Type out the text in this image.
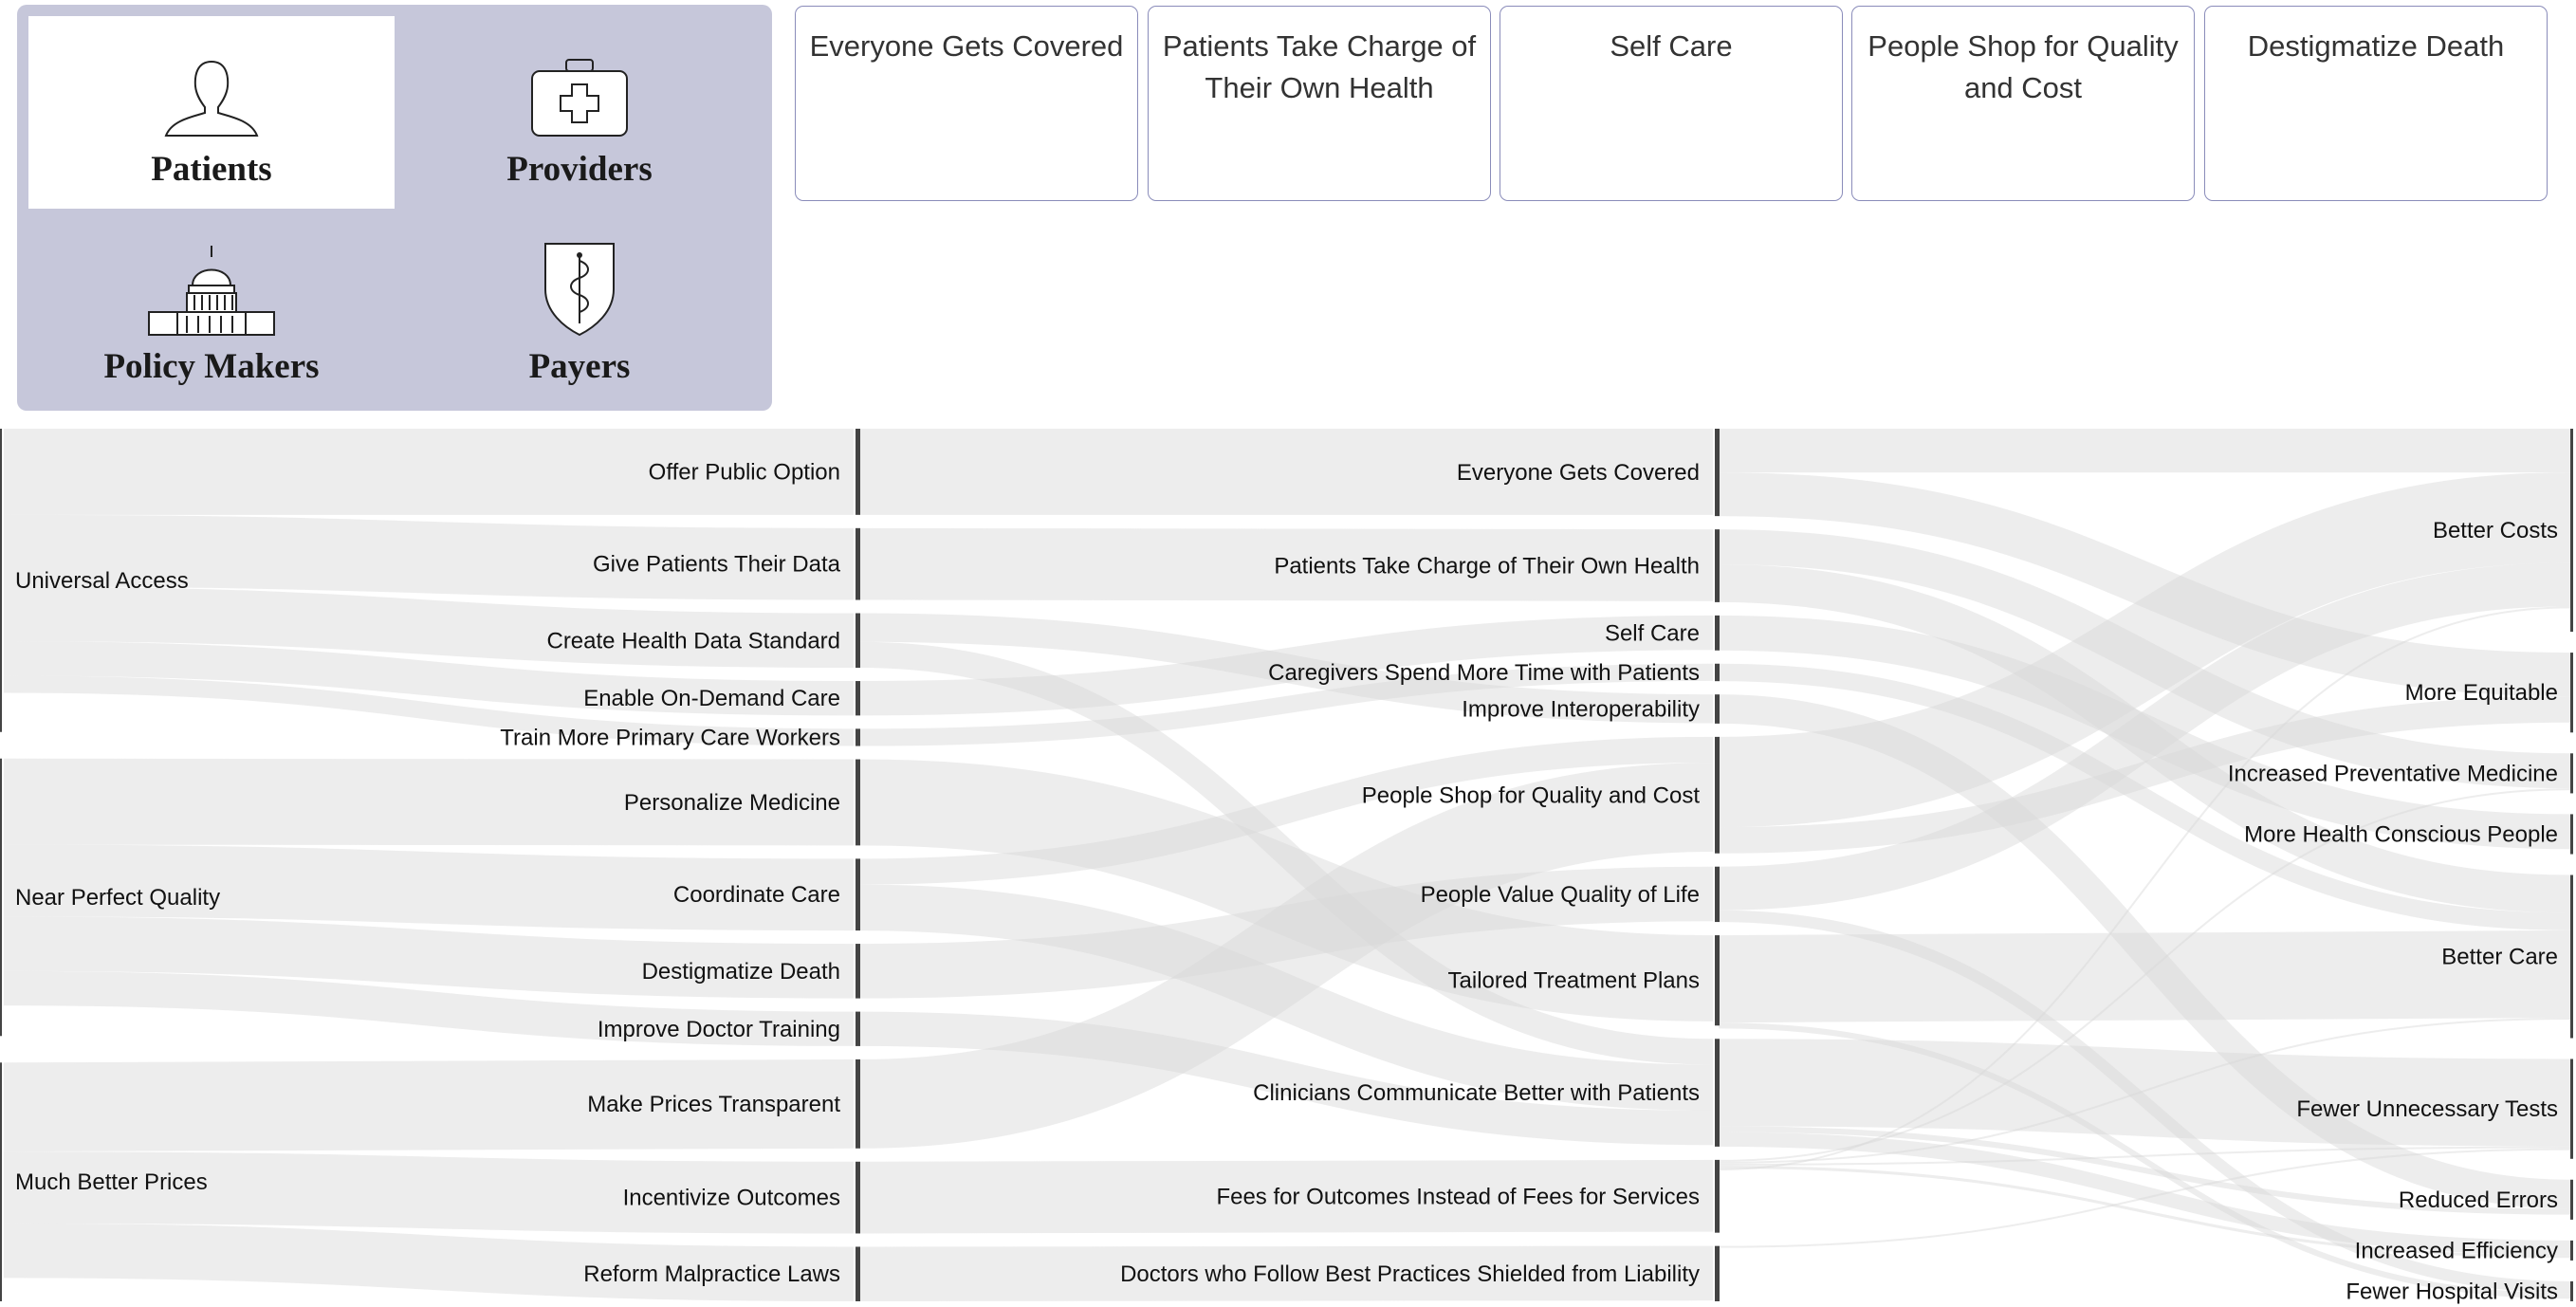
Patients	Providers
Policy Makers	Payers
Everyone Gets Covered	Patients Take Charge of Their Own Health
Self Care	People Shop for Quality and Cost
Destigmatize Death
Universal Access
Near Perfect Quality
Much Better Prices
Offer Public Option
Give Patients Their Data
Create Health Data Standard
Enable On-Demand Care
Train More Primary Care Workers
Personalize Medicine
Coordinate Care
Destigmatize Death
Improve Doctor Training
Make Prices Transparent
Incentivize Outcomes
Reform Malpractice Laws
Everyone Gets Covered
Patients Take Charge of Their Own Health
Self Care
Caregivers Spend More Time with Patients
Improve Interoperability
People Shop for Quality and Cost
People Value Quality of Life
Tailored Treatment Plans
Clinicians Communicate Better with Patients
Fees for Outcomes Instead of Fees for Services
Doctors who Follow Best Practices Shielded from Liability
Better Costs
More Equitable
Increased Preventative Medicine
More Health Conscious People
Better Care
Fewer Unnecessary Tests
Reduced Errors
Increased Efficiency
Fewer Hospital Visits
